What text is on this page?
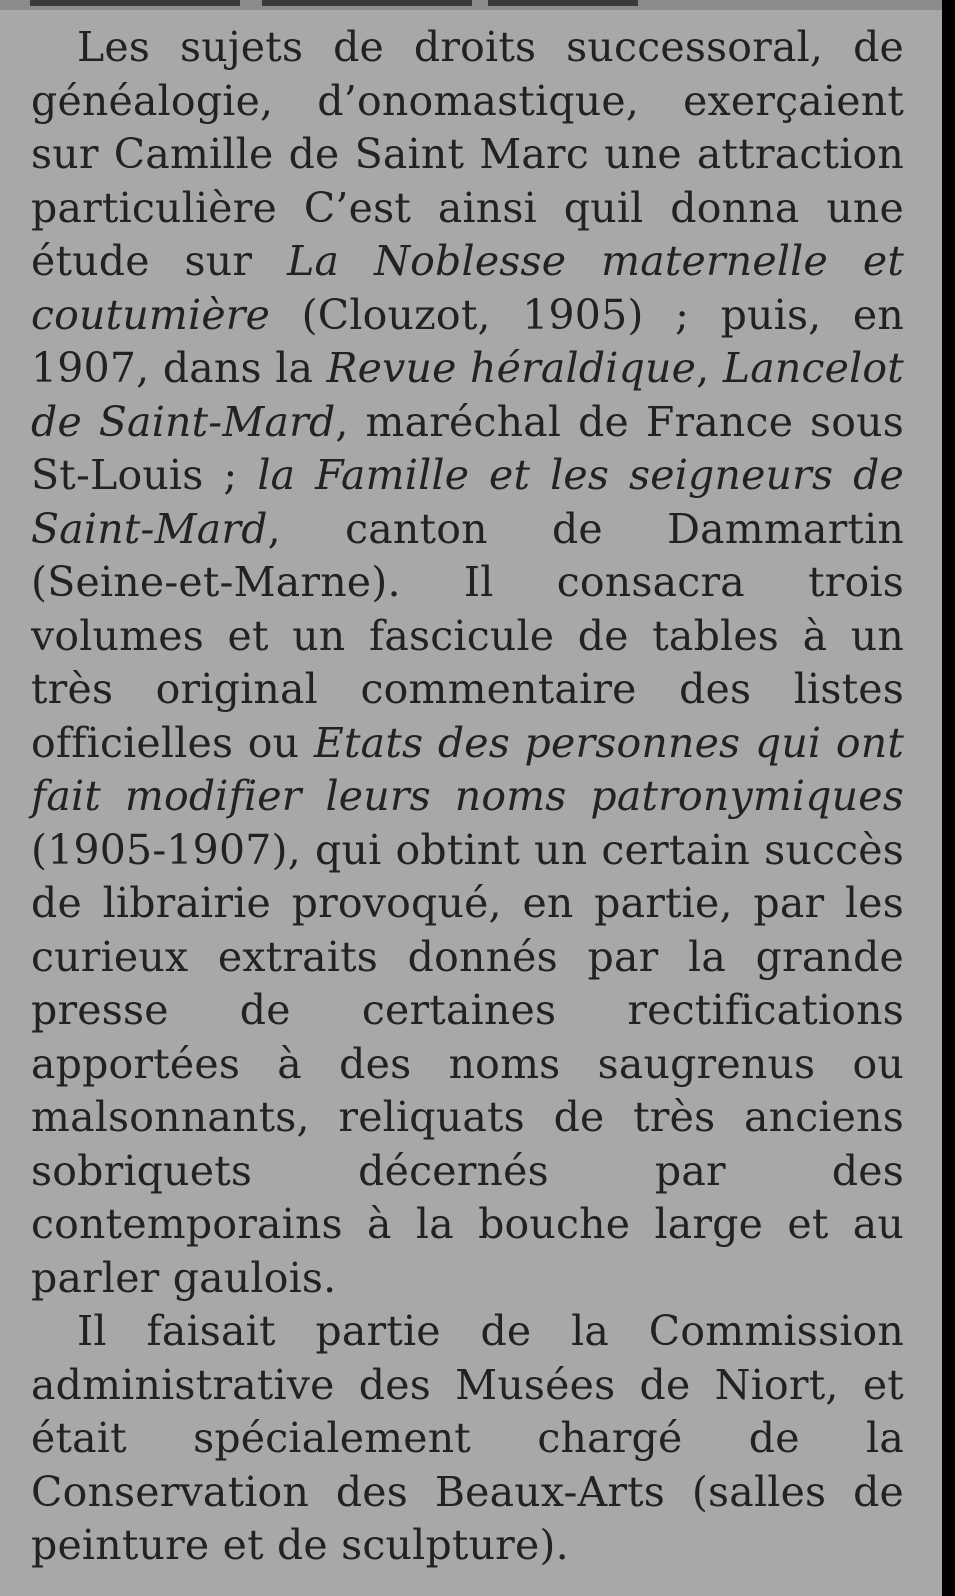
Les sujets de droits successoral, de généalogie, d’onomastique, exerçaient sur Camille de Saint Marc une attraction particulière C’est ainsi quil donna une étude sur La Noblesse maternelle et coutumière (Clouzot, 1905) ; puis, en 1907, dans la Revue héraldique, Lancelot de Saint-Mard, maréchal de France sous St-Louis ; la Famille et les seigneurs de Saint-Mard, canton de Dammartin (Seine-et-Marne). Il consacra trois volumes et un fascicule de tables à un très original commentaire des listes officielles ou Etats des personnes qui ont fait modifier leurs noms patronymiques (1905-1907), qui obtint un certain succès de librairie provoqué, en partie, par les curieux extraits donnés par la grande presse de certaines rectifications apportées à des noms saugrenus ou malsonnants, reliquats de très anciens sobriquets décernés par des contemporains à la bouche large et au parler gaulois.

Il faisait partie de la Commission administrative des Musées de Niort, et était spécialement chargé de la Conservation des Beaux-Arts (salles de peinture et de sculpture).
